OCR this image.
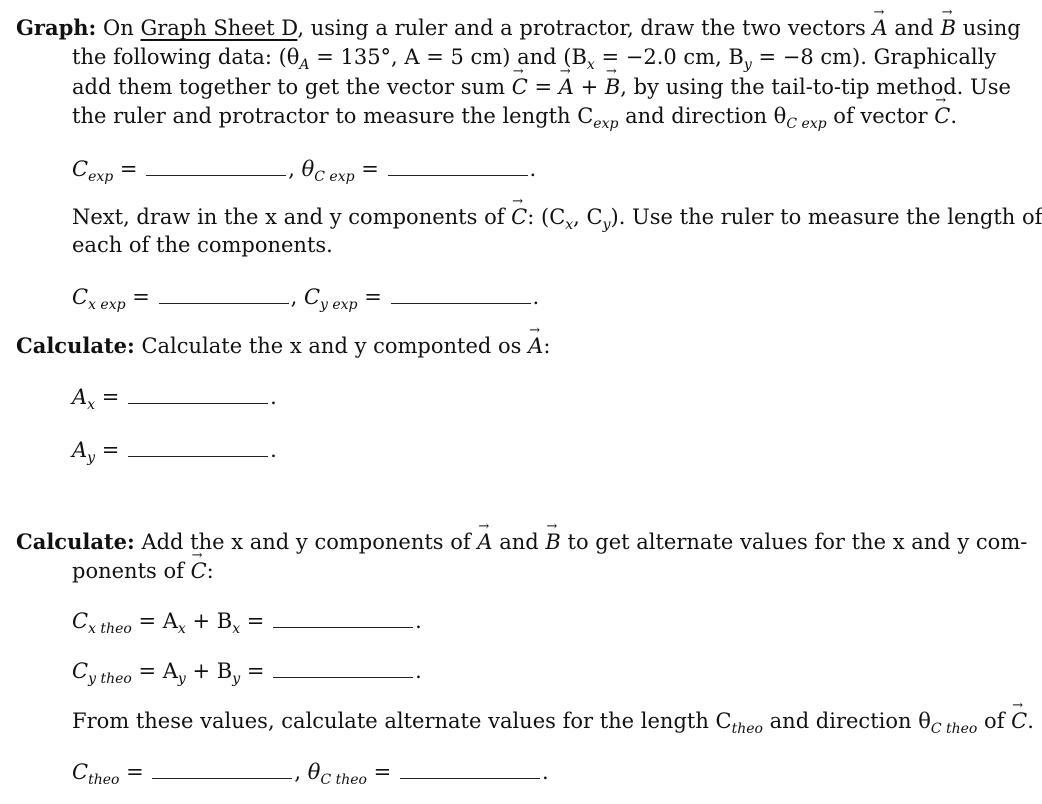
Graph: On Graph Sheet D, using a ruler and a protractor, draw the two vectors A → and B → using
the following data: ($\theta_A = 135^\circ$, A = 5 cm) and ($B_x = -2.0$ cm, $B_y = -8$ cm). Graphically
add them together to get the vector sum C → = A → + B →, by using the tail-to-tip method. Use
the ruler and protractor to measure the length $C_{exp}$ and direction $\theta_{C exp}$ of vector C →.
$C_{exp}$ =	, $\theta_{C exp}$ =	.
Next, draw in the x and y components of C →: ($C_x$, $C_y$). Use the ruler to measure the length of
each of the components.
$C_{x exp}$ =	, $C_{y exp}$ =	.
Calculate: Calculate the x and y componted os A →:
$A_x$ =	.
$A_y$ =	.
Calculate: Add the x and y components of A → and B → to get alternate values for the x and y com-
ponents of C →:
$C_{x theo} = A_x + B_x$ =	.
$C_{y theo} = A_y + B_y$ =	.
From these values, calculate alternate values for the length $C_{theo}$ and direction $\theta_{C theo}$ of C →.
$C_{theo}$ =	, $\theta_{C theo}$ =	.
